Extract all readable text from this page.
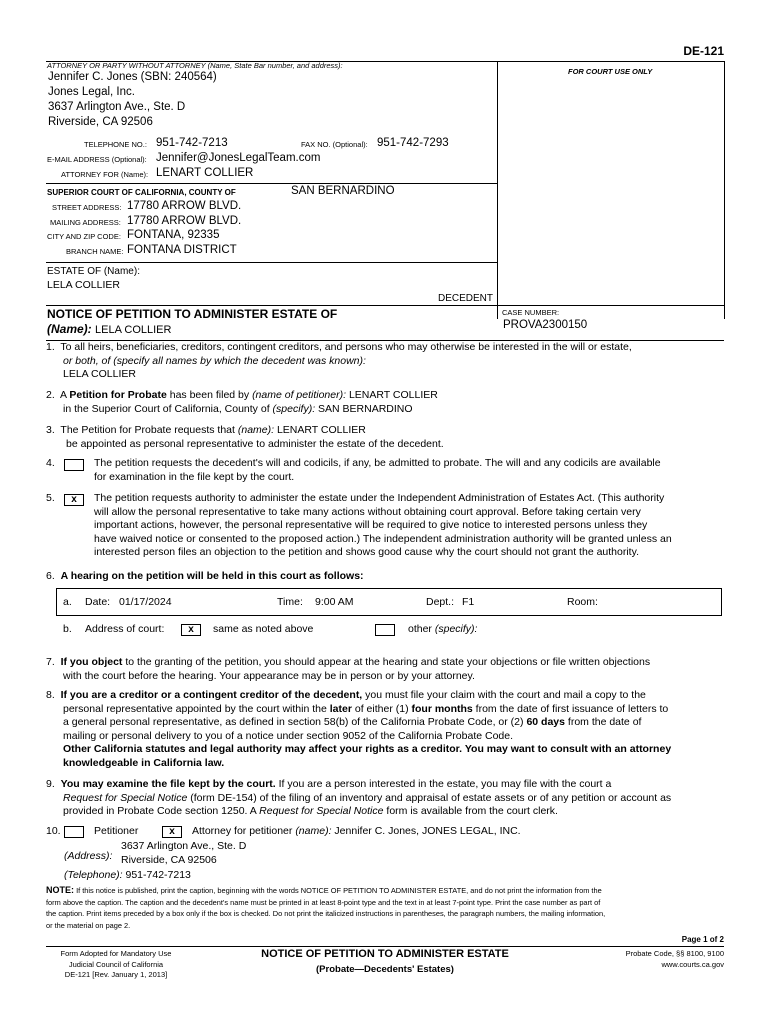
DE-121
ATTORNEY OR PARTY WITHOUT ATTORNEY (Name, State Bar number, and address):
Jennifer C. Jones (SBN: 240564)
Jones Legal, Inc.
3637 Arlington Ave., Ste. D
Riverside, CA 92506
FOR COURT USE ONLY
TELEPHONE NO.: 951-742-7213	FAX NO. (Optional): 951-742-7293
E-MAIL ADDRESS (Optional): Jennifer@JonesLegalTeam.com
ATTORNEY FOR (Name): LENART COLLIER
SUPERIOR COURT OF CALIFORNIA, COUNTY OF	SAN BERNARDINO
STREET ADDRESS: 17780 ARROW BLVD.
MAILING ADDRESS: 17780 ARROW BLVD.
CITY AND ZIP CODE: FONTANA, 92335
BRANCH NAME: FONTANA DISTRICT
ESTATE OF (Name):
LELA COLLIER
DECEDENT
NOTICE OF PETITION TO ADMINISTER ESTATE OF
(Name): LELA COLLIER
CASE NUMBER:
PROVA2300150
1.  To all heirs, beneficiaries, creditors, contingent creditors, and persons who may otherwise be interested in the will or estate,
or both, of (specify all names by which the decedent was known):
LELA COLLIER
2.  A Petition for Probate has been filed by (name of petitioner): LENART COLLIER
in the Superior Court of California, County of (specify): SAN BERNARDINO
3.  The Petition for Probate requests that (name): LENART COLLIER
be appointed as personal representative to administer the estate of the decedent.
4.	The petition requests the decedent's will and codicils, if any, be admitted to probate. The will and any codicils are available
for examination in the file kept by the court.
5.	x	The petition requests authority to administer the estate under the Independent Administration of Estates Act. (This authority
will allow the personal representative to take many actions without obtaining court approval. Before taking certain very
important actions, however, the personal representative will be required to give notice to interested persons unless they
have waived notice or consented to the proposed action.) The independent administration authority will be granted unless an
interested person files an objection to the petition and shows good cause why the court should not grant the authority.
6.  A hearing on the petition will be held in this court as follows:
a. Date: 01/17/2024	Time: 9:00 AM	Dept.: F1	Room:
b. Address of court:	x	same as noted above	other (specify):
7.  If you object to the granting of the petition, you should appear at the hearing and state your objections or file written objections
with the court before the hearing. Your appearance may be in person or by your attorney.
8.  If you are a creditor or a contingent creditor of the decedent, you must file your claim with the court and mail a copy to the
personal representative appointed by the court within the later of either (1) four months from the date of first issuance of letters to
a general personal representative, as defined in section 58(b) of the California Probate Code, or (2) 60 days from the date of
mailing or personal delivery to you of a notice under section 9052 of the California Probate Code.
Other California statutes and legal authority may affect your rights as a creditor. You may want to consult with an attorney
knowledgeable in California law.
9.  You may examine the file kept by the court. If you are a person interested in the estate, you may file with the court a
Request for Special Notice (form DE-154) of the filing of an inventory and appraisal of estate assets or of any petition or account as
provided in Probate Code section 1250. A Request for Special Notice form is available from the court clerk.
10.	Petitioner	x	Attorney for petitioner (name): Jennifer C. Jones, JONES LEGAL, INC.
(Address):
3637 Arlington Ave., Ste. D
Riverside, CA 92506
(Telephone): 951-742-7213
NOTE: If this notice is published, print the caption, beginning with the words NOTICE OF PETITION TO ADMINISTER ESTATE, and do not print the information from the
form above the caption. The caption and the decedent's name must be printed in at least 8-point type and the text in at least 7-point type. Print the case number as part of
the caption. Print items preceded by a box only if the box is checked. Do not print the italicized instructions in parentheses, the paragraph numbers, the mailing information,
or the material on page 2.
Page 1 of 2
Form Adopted for Mandatory Use
Judicial Council of California
DE-121 [Rev. January 1, 2013]
NOTICE OF PETITION TO ADMINISTER ESTATE
(Probate—Decedents' Estates)
Probate Code, §§ 8100, 9100
www.courts.ca.gov
